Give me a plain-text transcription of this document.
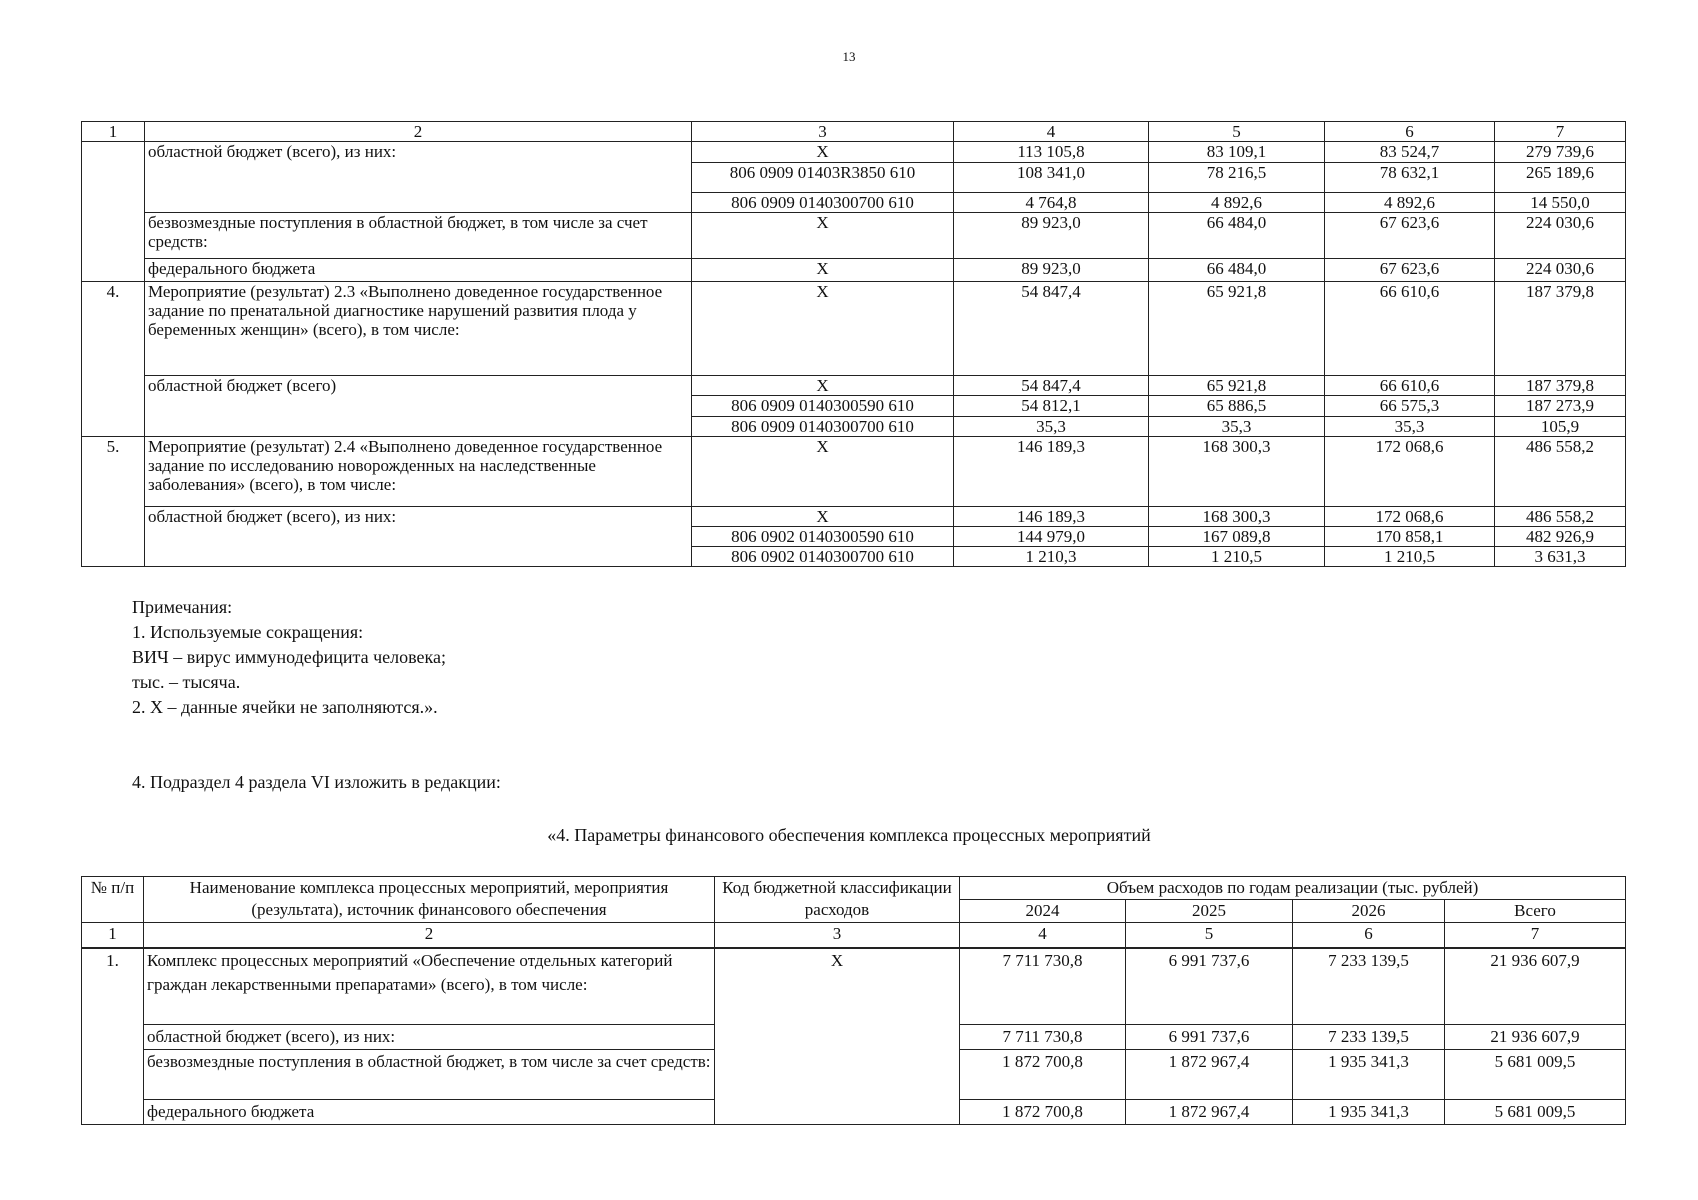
13
1	2	3	4	5	6	7
	областной бюджет (всего), из них:	Х	113 105,8	83 109,1	83 524,7	279 739,6
		806 0909 01403R3850 610	108 341,0	78 216,5	78 632,1	265 189,6
		806 0909 0140300700 610	4 764,8	4 892,6	4 892,6	14 550,0
	безвозмездные поступления в областной бюджет, в том числе за счет средств:	Х	89 923,0	66 484,0	67 623,6	224 030,6
	федерального бюджета	Х	89 923,0	66 484,0	67 623,6	224 030,6
4.	Мероприятие (результат) 2.3 «Выполнено доведенное государственное задание по пренатальной диагностике нарушений развития плода у беременных женщин» (всего), в том числе:	Х	54 847,4	65 921,8	66 610,6	187 379,8
	областной бюджет (всего)	Х	54 847,4	65 921,8	66 610,6	187 379,8
		806 0909 0140300590 610	54 812,1	65 886,5	66 575,3	187 273,9
		806 0909 0140300700 610	35,3	35,3	35,3	105,9
5.	Мероприятие (результат) 2.4 «Выполнено доведенное государственное задание по исследованию новорожденных на наследственные заболевания» (всего), в том числе:	Х	146 189,3	168 300,3	172 068,6	486 558,2
	областной бюджет (всего), из них:	Х	146 189,3	168 300,3	172 068,6	486 558,2
		806 0902 0140300590 610	144 979,0	167 089,8	170 858,1	482 926,9
		806 0902 0140300700 610	1 210,3	1 210,5	1 210,5	3 631,3
Примечания:
1. Используемые сокращения:
ВИЧ – вирус иммунодефицита человека;
тыс. – тысяча.
2. Х – данные ячейки не заполняются.».
4. Подраздел 4 раздела VI изложить в редакции:
«4. Параметры финансового обеспечения комплекса процессных мероприятий
№ п/п	Наименование комплекса процессных мероприятий, мероприятия (результата), источник финансового обеспечения	Код бюджетной классификации расходов	Объем расходов по годам реализации (тыс. рублей)			
			2024	2025	2026	Всего
1	2	3	4	5	6	7
1.	Комплекс процессных мероприятий «Обеспечение отдельных категорий граждан лекарственными препаратами» (всего), в том числе:	Х	7 711 730,8	6 991 737,6	7 233 139,5	21 936 607,9
	областной бюджет (всего), из них:		7 711 730,8	6 991 737,6	7 233 139,5	21 936 607,9
	безвозмездные поступления в областной бюджет, в том числе за счет средств:		1 872 700,8	1 872 967,4	1 935 341,3	5 681 009,5
	федерального бюджета		1 872 700,8	1 872 967,4	1 935 341,3	5 681 009,5
